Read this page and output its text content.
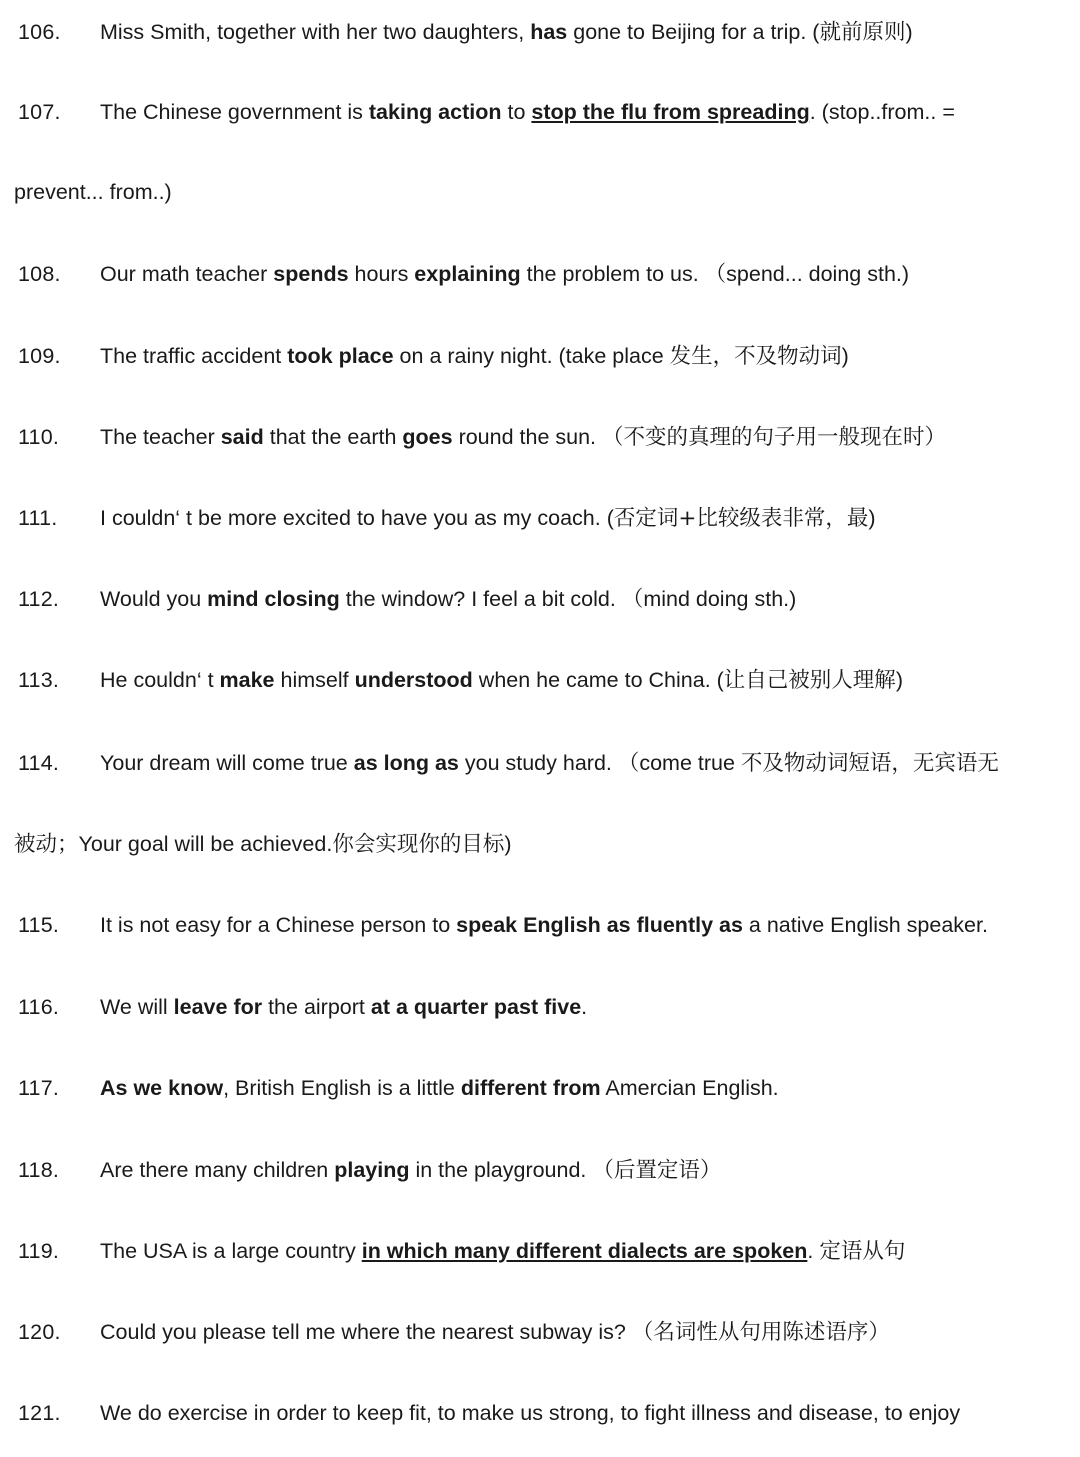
106.	Miss Smith, together with her two daughters, has gone to Beijing for a trip. (就前原则)
107.	The Chinese government is taking action to stop the flu from spreading. (stop..from.. =
prevent... from..)
108.	Our math teacher spends hours explaining the problem to us. （spend... doing sth.)
109.	The traffic accident took place on a rainy night. (take place 发生，不及物动词)
110.	The teacher said that the earth goes round the sun. （不变的真理的句子用一般现在时）
111.	I couldn‘ t be more excited to have you as my coach. (否定词+比较级表非常，最)
112.	Would you mind closing the window? I feel a bit cold. （mind doing sth.)
113.	He couldn‘ t make himself understood when he came to China. (让自己被别人理解)
114.	Your dream will come true as long as you study hard. （come true 不及物动词短语，无宾语无
被动；Your goal will be achieved.你会实现你的目标)
115.	It is not easy for a Chinese person to speak English as fluently as a native English speaker.
116.	We will leave for the airport at a quarter past five.
117.	As we know, British English is a little different from Amercian English.
118.	Are there many children playing in the playground. （后置定语）
119.	The USA is a large country in which many different dialects are spoken. 定语从句
120.	Could you please tell me where the nearest subway is? （名词性从句用陈述语序）
121.	We do exercise in order to keep fit, to make us strong, to fight illness and disease, to enjoy
